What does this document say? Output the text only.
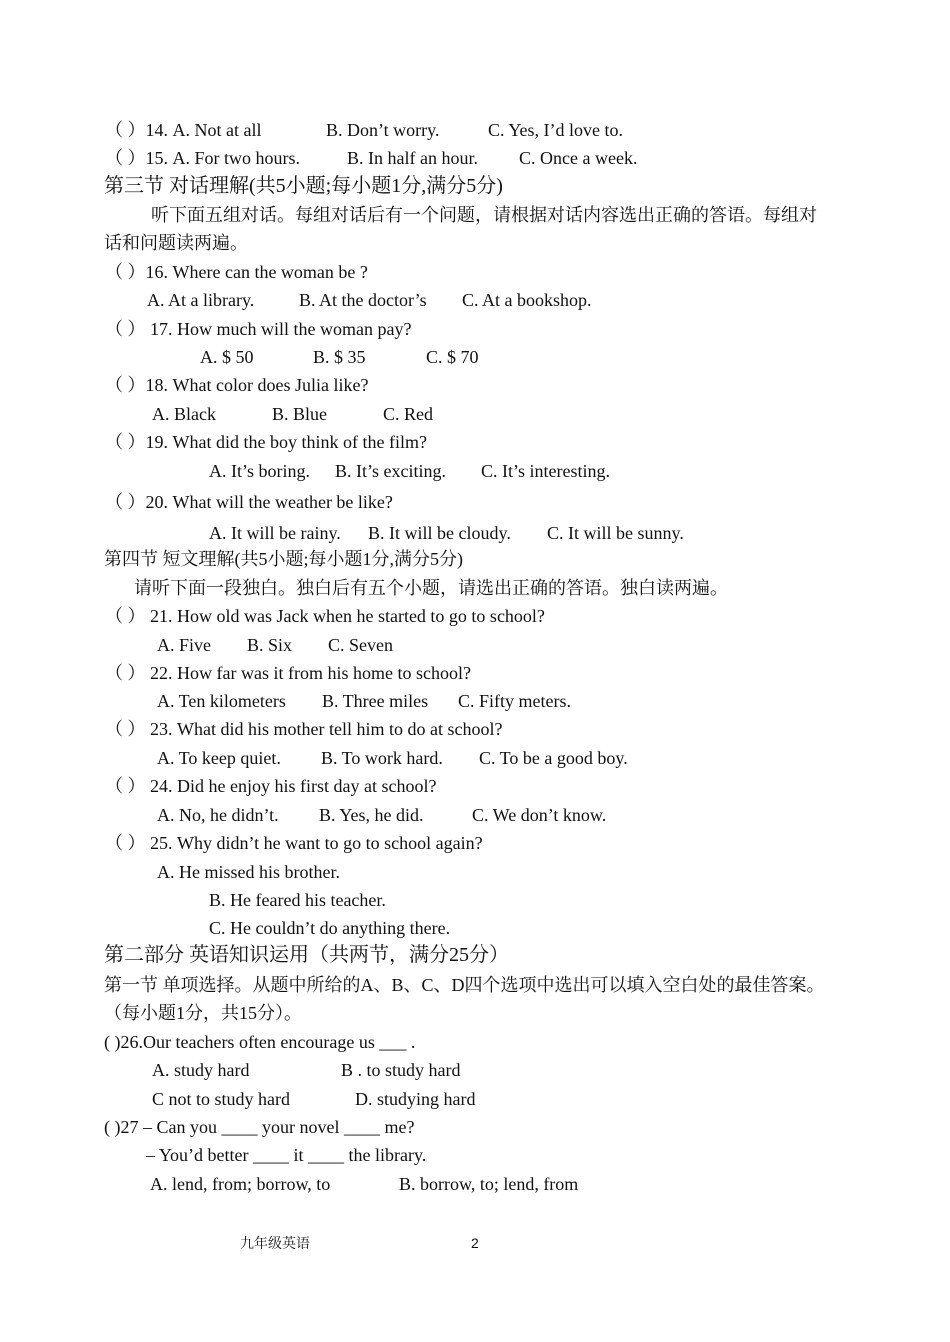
（ ）14. A. Not at all	B. Don’t worry.	C. Yes, I’d love to.
（ ）15. A. For two hours.	B. In half an hour. C. Once a week.
第三节 对话理解(共5小题;每小题1分,满分5分)
听下面五组对话。每组对话后有一个问题，请根据对话内容选出正确的答语。每组对
话和问题读两遍。
（ ）16. Where can the woman be ?
A. At a library. B. At the doctor’s C. At a bookshop.
（ ） 17. How much will the woman pay?
A. $ 50	B. $ 35	C. $ 70
（ ）18. What color does Julia like?
A. Black	B. Blue	C. Red
（ ）19. What did the boy think of the film?
A. It’s boring. B. It’s exciting. C. It’s interesting.
（ ）20. What will the weather be like?
A. It will be rainy. B. It will be cloudy. C. It will be sunny.
第四节 短文理解(共5小题;每小题1分,满分5分)
请听下面一段独白。独白后有五个小题，请选出正确的答语。独白读两遍。
（ ） 21. How old was Jack when he started to go to school?
A. Five B. Six C. Seven
（ ） 22. How far was it from his home to school?
A. Ten kilometers B. Three miles C. Fifty meters.
（ ） 23. What did his mother tell him to do at school?
A. To keep quiet. B. To work hard. C. To be a good boy.
（ ） 24. Did he enjoy his first day at school?
A. No, he didn’t. B. Yes, he did.	C. We don’t know.
（ ） 25. Why didn’t he want to go to school again?
A. He missed his brother.
B. He feared his teacher.
C. He couldn’t do anything there.
第二部分 英语知识运用（共两节，满分25分）
第一节 单项选择。从题中所给的A、B、C、D四个选项中选出可以填入空白处的最佳答案。
（每小题1分，共15分）。
( )26.Our teachers often encourage us ___ .
A. study hard	B . to study hard
C not to study hard	D. studying hard
( )27 – Can you ____ your novel ____ me?
– You’d better ____ it ____ the library.
A. lend, from; borrow, to	B. borrow, to; lend, from
九年级英语	2
